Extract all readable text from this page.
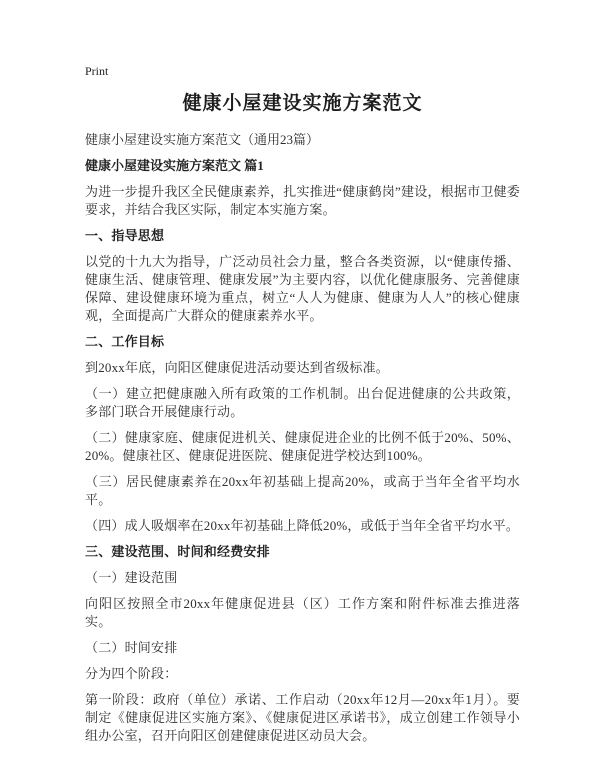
Print
健康小屋建设实施方案范文
健康小屋建设实施方案范文（通用23篇）
健康小屋建设实施方案范文 篇1
为进一步提升我区全民健康素养，扎实推进“健康鹤岗”建设，根据市卫健委要求，并结合我区实际，制定本实施方案。
一、指导思想
以党的十九大为指导，广泛动员社会力量，整合各类资源，以“健康传播、健康生活、健康管理、健康发展”为主要内容，以优化健康服务、完善健康保障、建设健康环境为重点，树立“人人为健康、健康为人人”的核心健康观，全面提高广大群众的健康素养水平。
二、工作目标
到20xx年底，向阳区健康促进活动要达到省级标准。
（一）建立把健康融入所有政策的工作机制。出台促进健康的公共政策，多部门联合开展健康行动。
（二）健康家庭、健康促进机关、健康促进企业的比例不低于20%、50%、20%。健康社区、健康促进医院、健康促进学校达到100%。
（三）居民健康素养在20xx年初基础上提高20%，或高于当年全省平均水平。
（四）成人吸烟率在20xx年初基础上降低20%，或低于当年全省平均水平。
三、建设范围、时间和经费安排
（一）建设范围
向阳区按照全市20xx年健康促进县（区）工作方案和附件标准去推进落实。
（二）时间安排
分为四个阶段：
第一阶段：政府（单位）承诺、工作启动（20xx年12月—20xx年1月）。要制定《健康促进区实施方案》、《健康促进区承诺书》，成立创建工作领导小组办公室，召开向阳区创建健康促进区动员大会。
